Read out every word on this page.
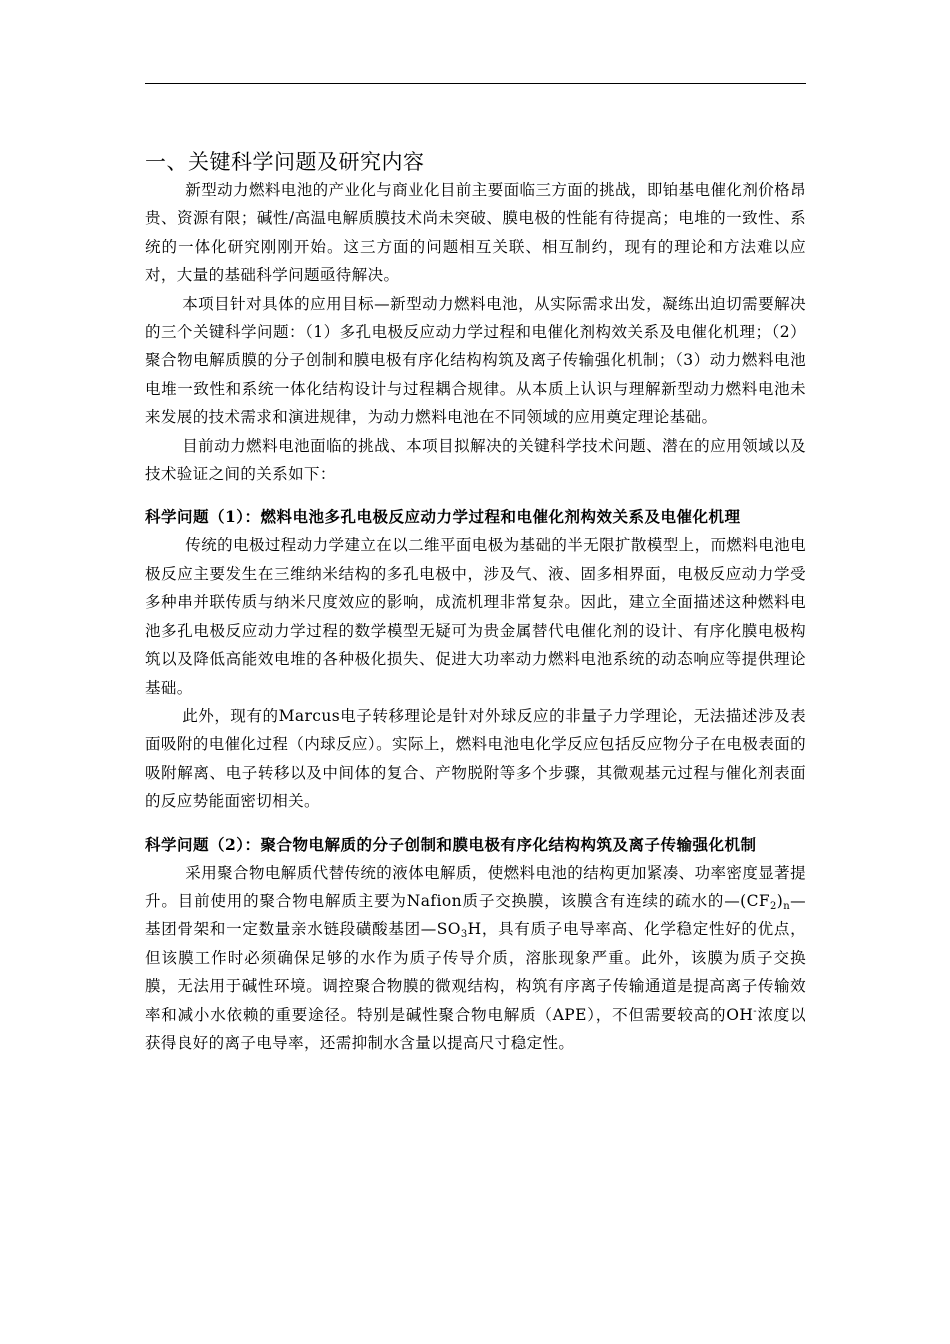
一、关键科学问题及研究内容

新型动力燃料电池的产业化与商业化目前主要面临三方面的挑战，即铂基电催化剂价格昂贵、资源有限；碱性/高温电解质膜技术尚未突破、膜电极的性能有待提高；电堆的一致性、系统的一体化研究刚刚开始。这三方面的问题相互关联、相互制约，现有的理论和方法难以应对，大量的基础科学问题亟待解决。

本项目针对具体的应用目标—新型动力燃料电池，从实际需求出发，凝练出迫切需要解决的三个关键科学问题：（1）多孔电极反应动力学过程和电催化剂构效关系及电催化机理；（2）聚合物电解质膜的分子创制和膜电极有序化结构构筑及离子传输强化机制；（3）动力燃料电池电堆一致性和系统一体化结构设计与过程耦合规律。从本质上认识与理解新型动力燃料电池未来发展的技术需求和演进规律，为动力燃料电池在不同领域的应用奠定理论基础。

目前动力燃料电池面临的挑战、本项目拟解决的关键科学技术问题、潜在的应用领域以及技术验证之间的关系如下：

科学问题（1）：燃料电池多孔电极反应动力学过程和电催化剂构效关系及电催化机理

传统的电极过程动力学建立在以二维平面电极为基础的半无限扩散模型上，而燃料电池电极反应主要发生在三维纳米结构的多孔电极中，涉及气、液、固多相界面，电极反应动力学受多种串并联传质与纳米尺度效应的影响，成流机理非常复杂。因此，建立全面描述这种燃料电池多孔电极反应动力学过程的数学模型无疑可为贵金属替代电催化剂的设计、有序化膜电极构筑以及降低高能效电堆的各种极化损失、促进大功率动力燃料电池系统的动态响应等提供理论基础。

此外，现有的Marcus电子转移理论是针对外球反应的非量子力学理论，无法描述涉及表面吸附的电催化过程（内球反应）。实际上，燃料电池电化学反应包括反应物分子在电极表面的吸附解离、电子转移以及中间体的复合、产物脱附等多个步骤，其微观基元过程与催化剂表面的反应势能面密切相关。

科学问题（2）：聚合物电解质的分子创制和膜电极有序化结构构筑及离子传输强化机制

采用聚合物电解质代替传统的液体电解质，使燃料电池的结构更加紧凑、功率密度显著提升。目前使用的聚合物电解质主要为Nafion质子交换膜，该膜含有连续的疏水的$—(CF_2)_n—$基团骨架和一定数量亲水链段磺酸基团$—SO_3H$，具有质子电导率高、化学稳定性好的优点，但该膜工作时必须确保足够的水作为质子传导介质，溶胀现象严重。此外，该膜为质子交换膜，无法用于碱性环境。调控聚合物膜的微观结构，构筑有序离子传输通道是提高离子传输效率和减小水依赖的重要途径。特别是碱性聚合物电解质（APE），不但需要较高的OH-浓度以获得良好的离子电导率，还需抑制水含量以提高尺寸稳定性。
